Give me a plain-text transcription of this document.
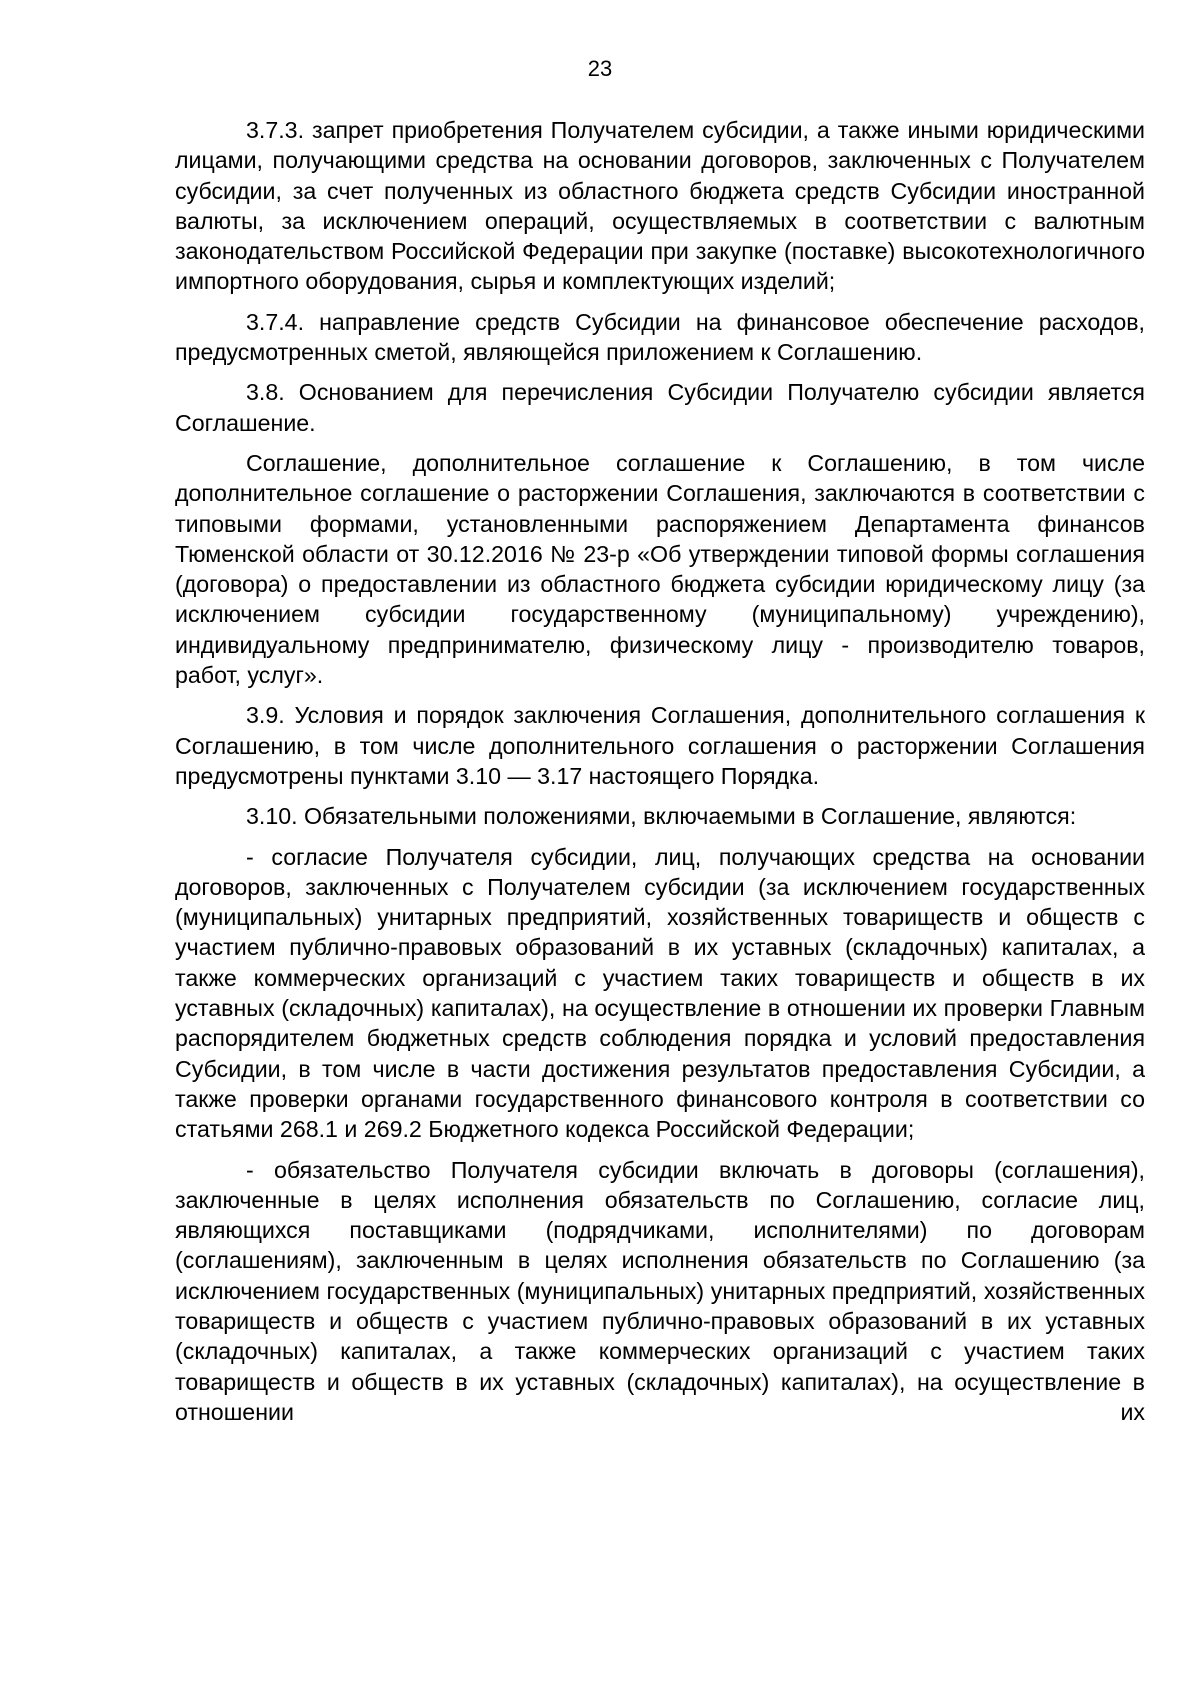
23

3.7.3. запрет приобретения Получателем субсидии, а также иными юридическими лицами, получающими средства на основании договоров, заключенных с Получателем субсидии, за счет полученных из областного бюджета средств Субсидии иностранной валюты, за исключением операций, осуществляемых в соответствии с валютным законодательством Российской Федерации при закупке (поставке) высокотехнологичного импортного оборудования, сырья и комплектующих изделий;

3.7.4. направление средств Субсидии на финансовое обеспечение расходов, предусмотренных сметой, являющейся приложением к Соглашению.

3.8. Основанием для перечисления Субсидии Получателю субсидии является Соглашение.

Соглашение, дополнительное соглашение к Соглашению, в том числе дополнительное соглашение о расторжении Соглашения, заключаются в соответствии с типовыми формами, установленными распоряжением Департамента финансов Тюменской области от 30.12.2016 № 23-р «Об утверждении типовой формы соглашения (договора) о предоставлении из областного бюджета субсидии юридическому лицу (за исключением субсидии государственному (муниципальному) учреждению), индивидуальному предпринимателю, физическому лицу - производителю товаров, работ, услуг».

3.9. Условия и порядок заключения Соглашения, дополнительного соглашения к Соглашению, в том числе дополнительного соглашения о расторжении Соглашения предусмотрены пунктами 3.10 — 3.17 настоящего Порядка.

3.10. Обязательными положениями, включаемыми в Соглашение, являются:

- согласие Получателя субсидии, лиц, получающих средства на основании договоров, заключенных с Получателем субсидии (за исключением государственных (муниципальных) унитарных предприятий, хозяйственных товариществ и обществ с участием публично-правовых образований в их уставных (складочных) капиталах, а также коммерческих организаций с участием таких товариществ и обществ в их уставных (складочных) капиталах), на осуществление в отношении их проверки Главным распорядителем бюджетных средств соблюдения порядка и условий предоставления Субсидии, в том числе в части достижения результатов предоставления Субсидии, а также проверки органами государственного финансового контроля в соответствии со статьями 268.1 и 269.2 Бюджетного кодекса Российской Федерации;

- обязательство Получателя субсидии включать в договоры (соглашения), заключенные в целях исполнения обязательств по Соглашению, согласие лиц, являющихся поставщиками (подрядчиками, исполнителями) по договорам (соглашениям), заключенным в целях исполнения обязательств по Соглашению (за исключением государственных (муниципальных) унитарных предприятий, хозяйственных товариществ и обществ с участием публично-правовых образований в их уставных (складочных) капиталах, а также коммерческих организаций с участием таких товариществ и обществ в их уставных (складочных) капиталах), на осуществление в отношении их
